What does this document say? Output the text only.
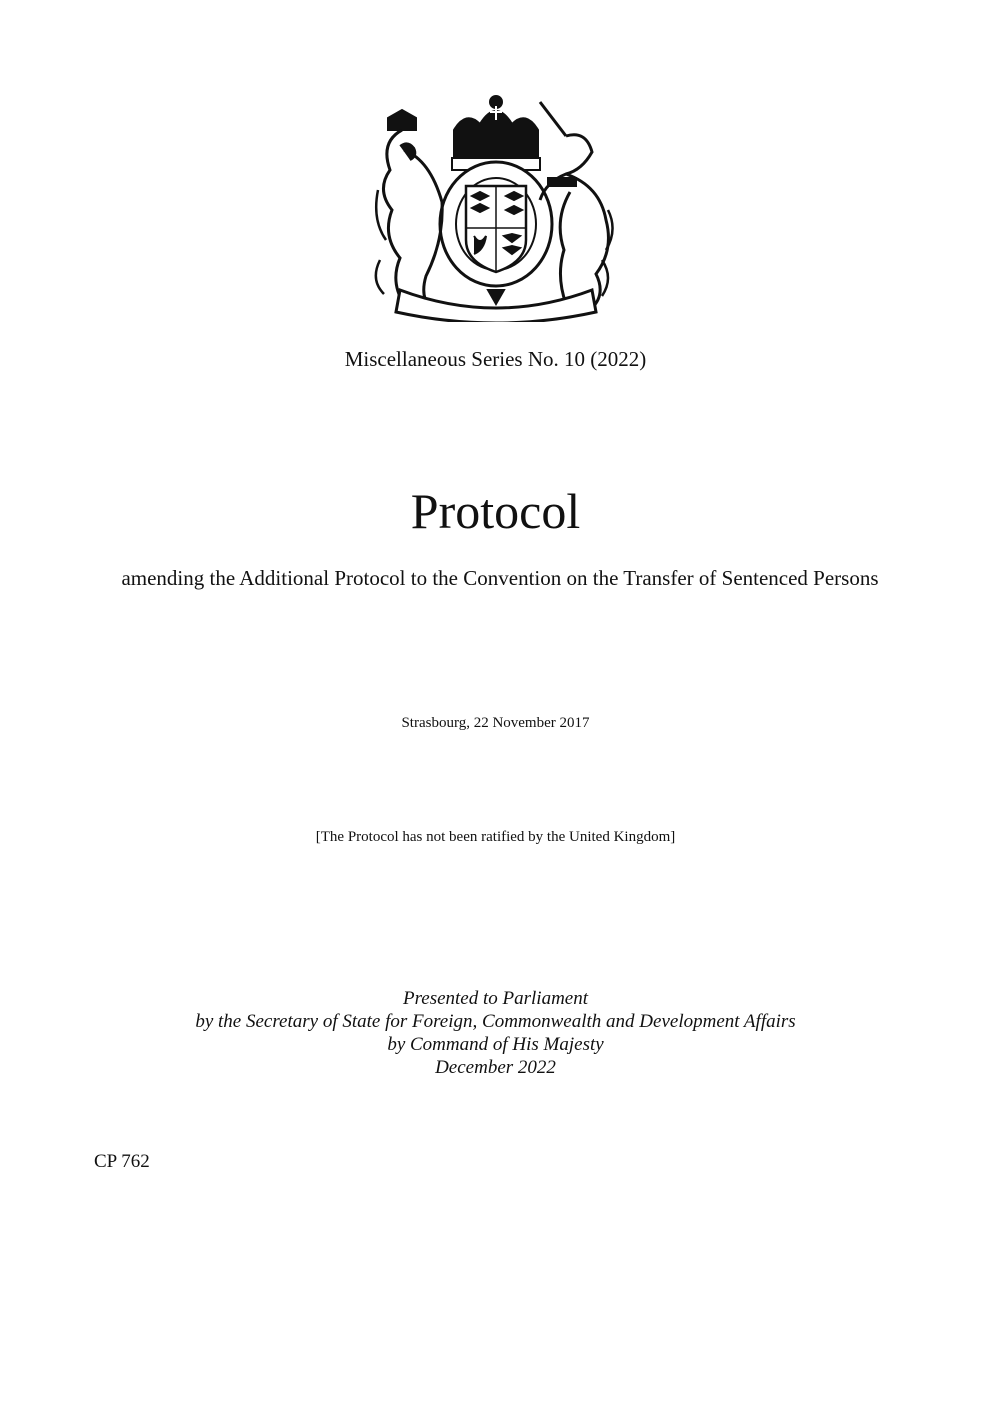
Miscellaneous Series No. 10 (2022)
Protocol
amending the Additional Protocol to the Convention on the Transfer of Sentenced Persons
Strasbourg, 22 November 2017
[The Protocol has not been ratified by the United Kingdom]
Presented to Parliament
by the Secretary of State for Foreign, Commonwealth and Development Affairs
by Command of His Majesty
December 2022
CP 762
